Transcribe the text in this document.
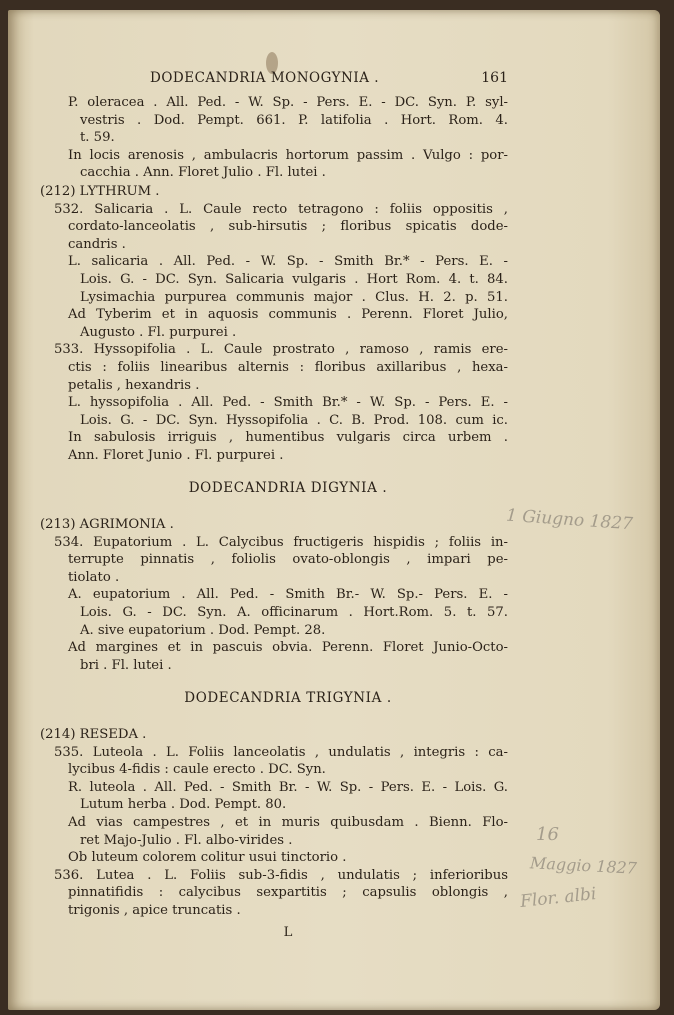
DODECANDRIA MONOGYNIA .	161
P. oleracea . All. Ped. - W. Sp. - Pers. E. - DC. Syn. P. syl-
vestris . Dod. Pempt. 661. P. latifolia . Hort. Rom. 4.
t. 59.
In locis arenosis , ambulacris hortorum passim . Vulgo : por-
cacchia . Ann. Floret Julio . Fl. lutei .
(212) LYTHRUM .
532. Salicaria . L. Caule recto tetragono : foliis oppositis ,
cordato-lanceolatis , sub-hirsutis ; floribus spicatis dode-
candris .
L. salicaria . All. Ped. - W. Sp. - Smith Br.* - Pers. E. -
Lois. G. - DC. Syn. Salicaria vulgaris . Hort Rom. 4. t. 84.
Lysimachia purpurea communis major . Clus. H. 2. p. 51.
Ad Tyberim et in aquosis communis . Perenn. Floret Julio,
Augusto . Fl. purpurei .
533. Hyssopifolia . L. Caule prostrato , ramoso , ramis ere-
ctis : foliis linearibus alternis : floribus axillaribus , hexa-
petalis , hexandris .
L. hyssopifolia . All. Ped. - Smith Br.* - W. Sp. - Pers. E. -
Lois. G. - DC. Syn. Hyssopifolia . C. B. Prod. 108. cum ic.
In sabulosis irriguis , humentibus vulgaris circa urbem .
Ann. Floret Junio . Fl. purpurei .
DODECANDRIA DIGYNIA .
(213) AGRIMONIA .
534. Eupatorium . L. Calycibus fructigeris hispidis ; foliis in-
terrupte pinnatis , foliolis ovato-oblongis , impari pe-
tiolato .
A. eupatorium . All. Ped. - Smith Br.- W. Sp.- Pers. E. -
Lois. G. - DC. Syn. A. officinarum . Hort.Rom. 5. t. 57.
A. sive eupatorium . Dod. Pempt. 28.
Ad margines et in pascuis obvia. Perenn. Floret Junio-Octo-
bri . Fl. lutei .
DODECANDRIA TRIGYNIA .
(214) RESEDA .
535. Luteola . L. Foliis lanceolatis , undulatis , integris : ca-
lycibus 4-fidis : caule erecto . DC. Syn.
R. luteola . All. Ped. - Smith Br. - W. Sp. - Pers. E. - Lois. G.
Lutum herba . Dod. Pempt. 80.
Ad vias campestres , et in muris quibusdam . Bienn. Flo-
ret Majo-Julio . Fl. albo-virides .
Ob luteum colorem colitur usui tinctorio .
536. Lutea . L. Foliis sub-3-fidis , undulatis ; inferioribus
pinnatifidis : calycibus sexpartitis ; capsulis oblongis ,
trigonis , apice truncatis .
L
1 Giugno 1827
16
Maggio 1827
Flor. albi
